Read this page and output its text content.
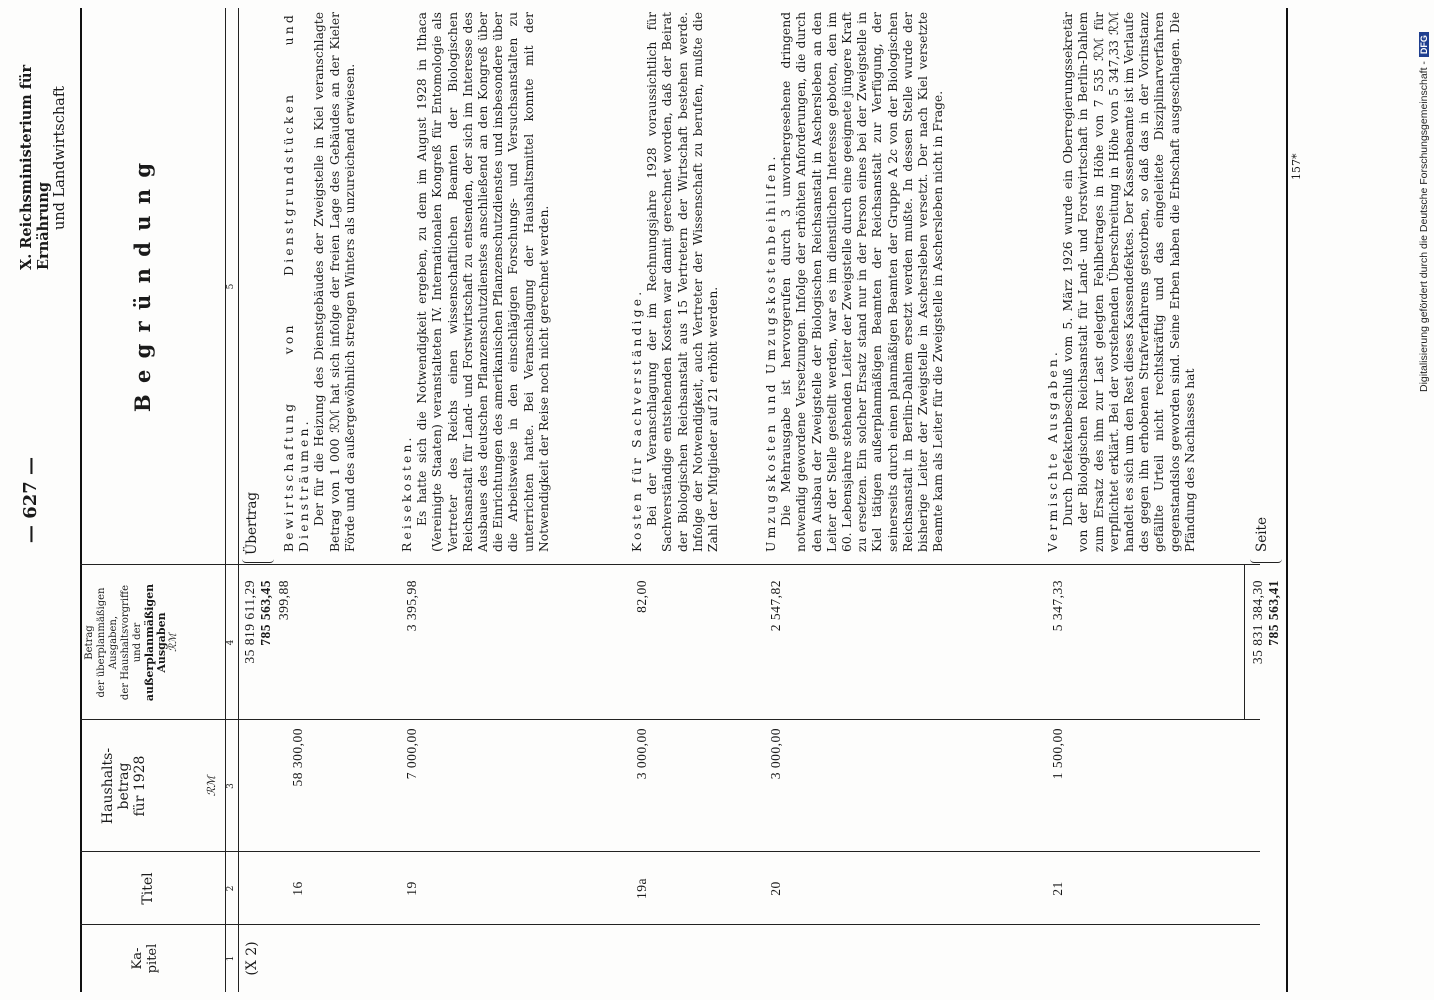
— 627 —
X. Reichsministerium für Ernährung und Landwirtschaft
Ka-
pitel
Titel
Haushalts-
betrag
für 1928	ℛℳ
Betrag der überplanmäßigen Ausgaben, der Haushaltsvorgriffe und der außerplanmäßigen Ausgaben ℛℳ
B e g r ü n d u n g
1
2
3
4
5
(X 2)
35 819 611,29 785 563,45
Übertrag
16
58 300,00
399,88

Bewirtschaftung von Dienstgrundstücken und Diensträumen. Der für die Heizung des Dienstgebäudes der Zweigstelle in Kiel veranschlagte Betrag von 1 000 ℛℳ hat sich infolge der freien Lage des Gebäudes an der Kieler Förde und des außergewöhnlich strengen Winters als unzureichend erwiesen.

19
7 000,00
3 395,98

Reisekosten. Es hatte sich die Notwendigkeit ergeben, zu dem im August 1928 in Ithaca (Vereinigte Staaten) veranstalteten IV. Internationalen Kongreß für Entomologie als Vertreter des Reichs einen wissenschaftlichen Beamten der Biologischen Reichsanstalt für Land- und Forstwirtschaft zu entsenden, der sich im Interesse des Ausbaues des deutschen Pflanzenschutzdienstes anschließend an den Kongreß über die Einrichtungen des amerikanischen Pflanzenschutzdienstes und insbesondere über die Arbeitsweise in den einschlägigen Forschungs- und Versuchsanstalten zu unterrichten hatte. Bei Veranschlagung der Haushaltsmittel konnte mit der Notwendigkeit der Reise noch nicht gerechnet werden.

19a
3 000,00
82,00

Kosten für Sachverständige. Bei der Veranschlagung der im Rechnungsjahre 1928 voraussichtlich für Sachverständige entstehenden Kosten war damit gerechnet worden, daß der Beirat der Biologischen Reichsanstalt aus 15 Vertretern der Wirtschaft bestehen werde. Infolge der Notwendigkeit, auch Vertreter der Wissenschaft zu berufen, mußte die Zahl der Mitglieder auf 21 erhöht werden.

20
3 000,00
2 547,82

Umzugskosten und Umzugskostenbeihilfen. Die Mehrausgabe ist hervorgerufen durch 3 unvorhergesehene dringend notwendig gewordene Versetzungen. Infolge der erhöhten Anforderungen, die durch den Ausbau der Zweigstelle der Biologischen Reichsanstalt in Aschersleben an den Leiter der Stelle gestellt werden, war es im dienstlichen Interesse geboten, den im 60. Lebensjahre stehenden Leiter der Zweigstelle durch eine geeignete jüngere Kraft zu ersetzen. Ein solcher Ersatz stand nur in der Person eines bei der Zweigstelle in Kiel tätigen außerplanmäßigen Beamten der Reichsanstalt zur Verfügung, der seinerseits durch einen planmäßigen Beamten der Gruppe A 2c von der Biologischen Reichsanstalt in Berlin-Dahlem ersetzt werden mußte. In dessen Stelle wurde der bisherige Leiter der Zweigstelle in Aschersleben versetzt. Der nach Kiel versetzte Beamte kam als Leiter für die Zweigstelle in Aschersleben nicht in Frage.

21
1 500,00
5 347,33

Vermischte Ausgaben. Durch Defektenbeschluß vom 5. März 1926 wurde ein Oberregierungssekretär von der Biologischen Reichsanstalt für Land- und Forstwirtschaft in Berlin-Dahlem zum Ersatz des ihm zur Last gelegten Fehlbetrages in Höhe von 7 535 ℛℳ für verpflichtet erklärt. Bei der vorstehenden Überschreitung in Höhe von 5 347,33 ℛℳ handelt es sich um den Rest dieses Kassendefektes. Der Kassenbeamte ist im Verlaufe des gegen ihn erhobenen Strafverfahrens gestorben, so daß das in der Vorinstanz gefällte Urteil nicht rechtskräftig und das eingeleitete Disziplinarverfahren gegenstandslos geworden sind. Seine Erben haben die Erbschaft ausgeschlagen. Die Pfändung des Nachlasses hat

35 831 384,30 785 563,41
Seite
157*	Digitalisierung gefördert durch die Deutsche Forschungsgemeinschaft -DFG
